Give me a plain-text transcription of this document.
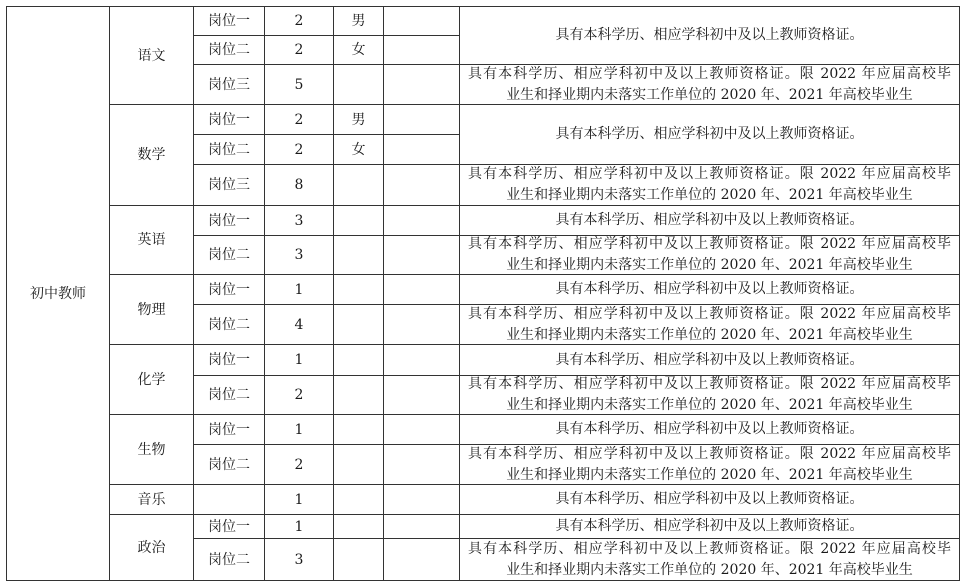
初中教师
语文
岗位一	2	男
具有本科学历、相应学科初中及以上教师资格证。
岗位二	2	女
岗位三	5
具有本科学历、相应学科初中及以上教师资格证。限 2022 年应届高校毕
业生和择业期内未落实工作单位的 2020 年、2021 年高校毕业生
数学
岗位一	2	男
具有本科学历、相应学科初中及以上教师资格证。
岗位二	2	女
岗位三	8
具有本科学历、相应学科初中及以上教师资格证。限 2022 年应届高校毕
业生和择业期内未落实工作单位的 2020 年、2021 年高校毕业生
英语
岗位一	3	具有本科学历、相应学科初中及以上教师资格证。
岗位二	3
具有本科学历、相应学科初中及以上教师资格证。限 2022 年应届高校毕
业生和择业期内未落实工作单位的 2020 年、2021 年高校毕业生
物理
岗位一	1	具有本科学历、相应学科初中及以上教师资格证。
岗位二	4
具有本科学历、相应学科初中及以上教师资格证。限 2022 年应届高校毕
业生和择业期内未落实工作单位的 2020 年、2021 年高校毕业生
化学
岗位一	1	具有本科学历、相应学科初中及以上教师资格证。
岗位二	2
具有本科学历、相应学科初中及以上教师资格证。限 2022 年应届高校毕
业生和择业期内未落实工作单位的 2020 年、2021 年高校毕业生
生物
岗位一	1	具有本科学历、相应学科初中及以上教师资格证。
岗位二	2
具有本科学历、相应学科初中及以上教师资格证。限 2022 年应届高校毕
业生和择业期内未落实工作单位的 2020 年、2021 年高校毕业生
音乐	1	具有本科学历、相应学科初中及以上教师资格证。
政治
岗位一	1	具有本科学历、相应学科初中及以上教师资格证。
岗位二	3
具有本科学历、相应学科初中及以上教师资格证。限 2022 年应届高校毕
业生和择业期内未落实工作单位的 2020 年、2021 年高校毕业生
